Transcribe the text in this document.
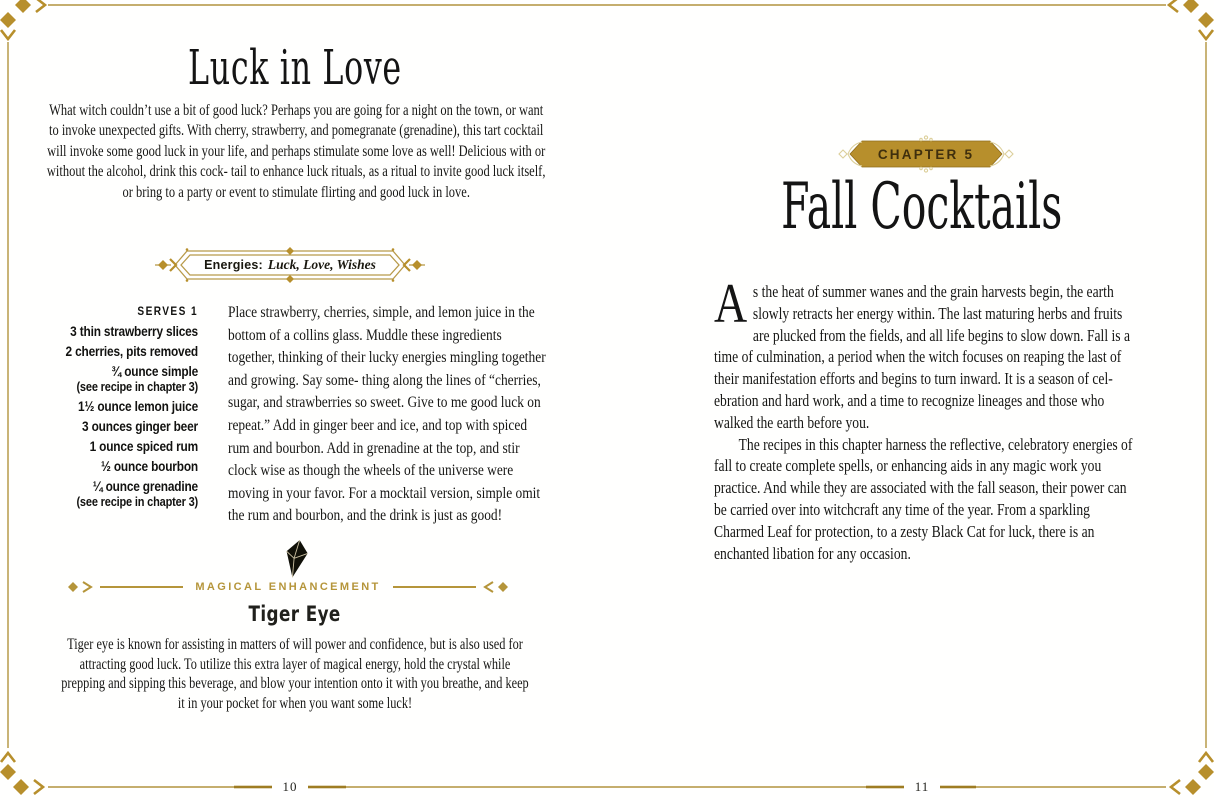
Luck in Love

What witch couldn’t use a bit of good luck? Perhaps you are going for a night on the town, or want to invoke unexpected gifts. With cherry, strawberry, and pomegranate (grenadine), this tart cocktail will invoke some good luck in your life, and perhaps stimulate some love as well! Delicious with or without the alcohol, drink this cock- tail to enhance luck rituals, as a ritual to invite good luck itself, or bring to a party or event to stimulate flirting and good luck in love.

Energies: Luck, Love, Wishes
SERVES 1
3 thin strawberry slices
2 cherries, pits removed
¾ ounce simple
(see recipe in chapter 3)
1½ ounce lemon juice
3 ounces ginger beer
1 ounce spiced rum
½ ounce bourbon
¼ ounce grenadine
(see recipe in chapter 3)

Place strawberry, cherries, simple, and lemon juice in the bottom of a collins glass. Muddle these ingredients together, thinking of their lucky energies mingling together and growing. Say some- thing along the lines of “cherries, sugar, and strawberries so sweet. Give to me good luck on repeat.” Add in ginger beer and ice, and top with spiced rum and bourbon. Add in grenadine at the top, and stir clock wise as though the wheels of the universe were moving in your favor. For a mocktail version, simple omit the rum and bourbon, and the drink is just as good!

MAGICAL ENHANCEMENT
Tiger Eye

Tiger eye is known for assisting in matters of will power and confidence, but is also used for attracting good luck. To utilize this extra layer of magical energy, hold the crystal while prepping and sipping this beverage, and blow your intention onto it with you breathe, and keep it in your pocket for when you want some luck!

10
CHAPTER 5
Fall Cocktails

As the heat of summer wanes and the grain harvests begin, the earth slowly retracts her energy within. The last maturing herbs and fruits are plucked from the fields, and all life begins to slow down. Fall is a time of culmination, a period when the witch focuses on reaping the last of their manifestation efforts and begins to turn inward. It is a season of cel- ebration and hard work, and a time to recognize lineages and those who walked the earth before you.

The recipes in this chapter harness the reflective, celebratory energies of fall to create complete spells, or enhancing aids in any magic work you practice. And while they are associated with the fall season, their power can be carried over into witchcraft any time of the year. From a sparkling Charmed Leaf for protection, to a zesty Black Cat for luck, there is an enchanted libation for any occasion.

11
